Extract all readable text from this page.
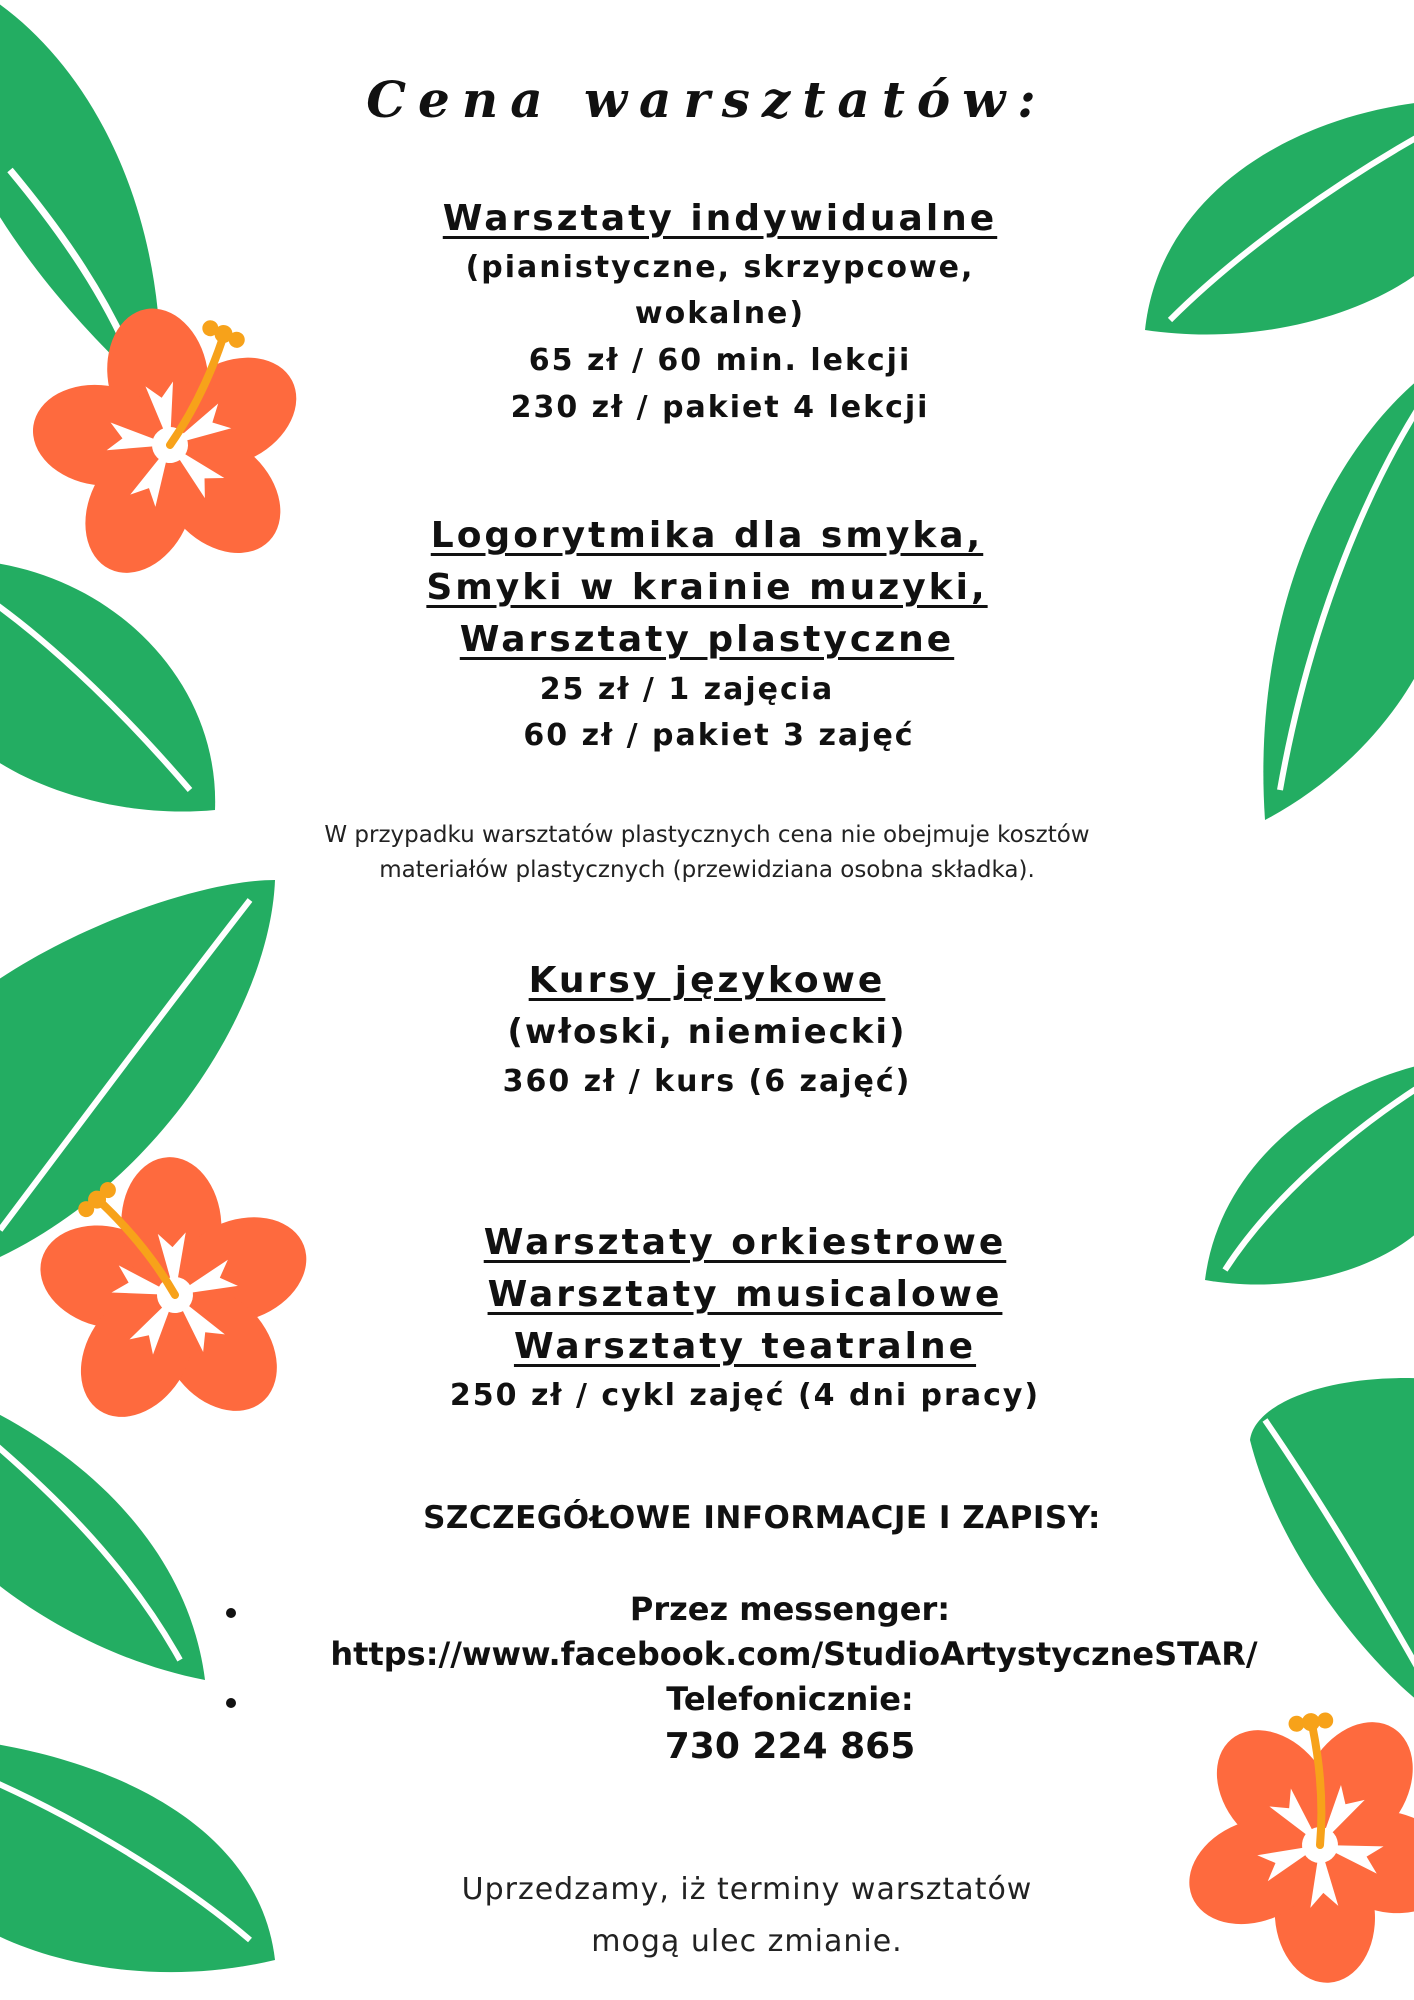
Cena warsztatów:
Warsztaty indywidualne
(pianistyczne, skrzypcowe,
wokalne)
65 zł / 60 min. lekcji
230 zł / pakiet 4 lekcji
Logorytmika dla smyka,
Smyki w krainie muzyki,
Warsztaty plastyczne
25 zł / 1 zajęcia
60 zł / pakiet 3 zajęć
W przypadku warsztatów plastycznych cena nie obejmuje kosztów
materiałów plastycznych (przewidziana osobna składka).
Kursy językowe
(włoski, niemiecki)
360 zł / kurs (6 zajęć)
Warsztaty orkiestrowe
Warsztaty musicalowe
Warsztaty teatralne
250 zł / cykl zajęć (4 dni pracy)
SZCZEGÓŁOWE INFORMACJE I ZAPISY:
Przez messenger:
https://www.facebook.com/StudioArtystyczneSTAR/
Telefonicznie:
730 224 865
Uprzedzamy, iż terminy warsztatów
mogą ulec zmianie.
